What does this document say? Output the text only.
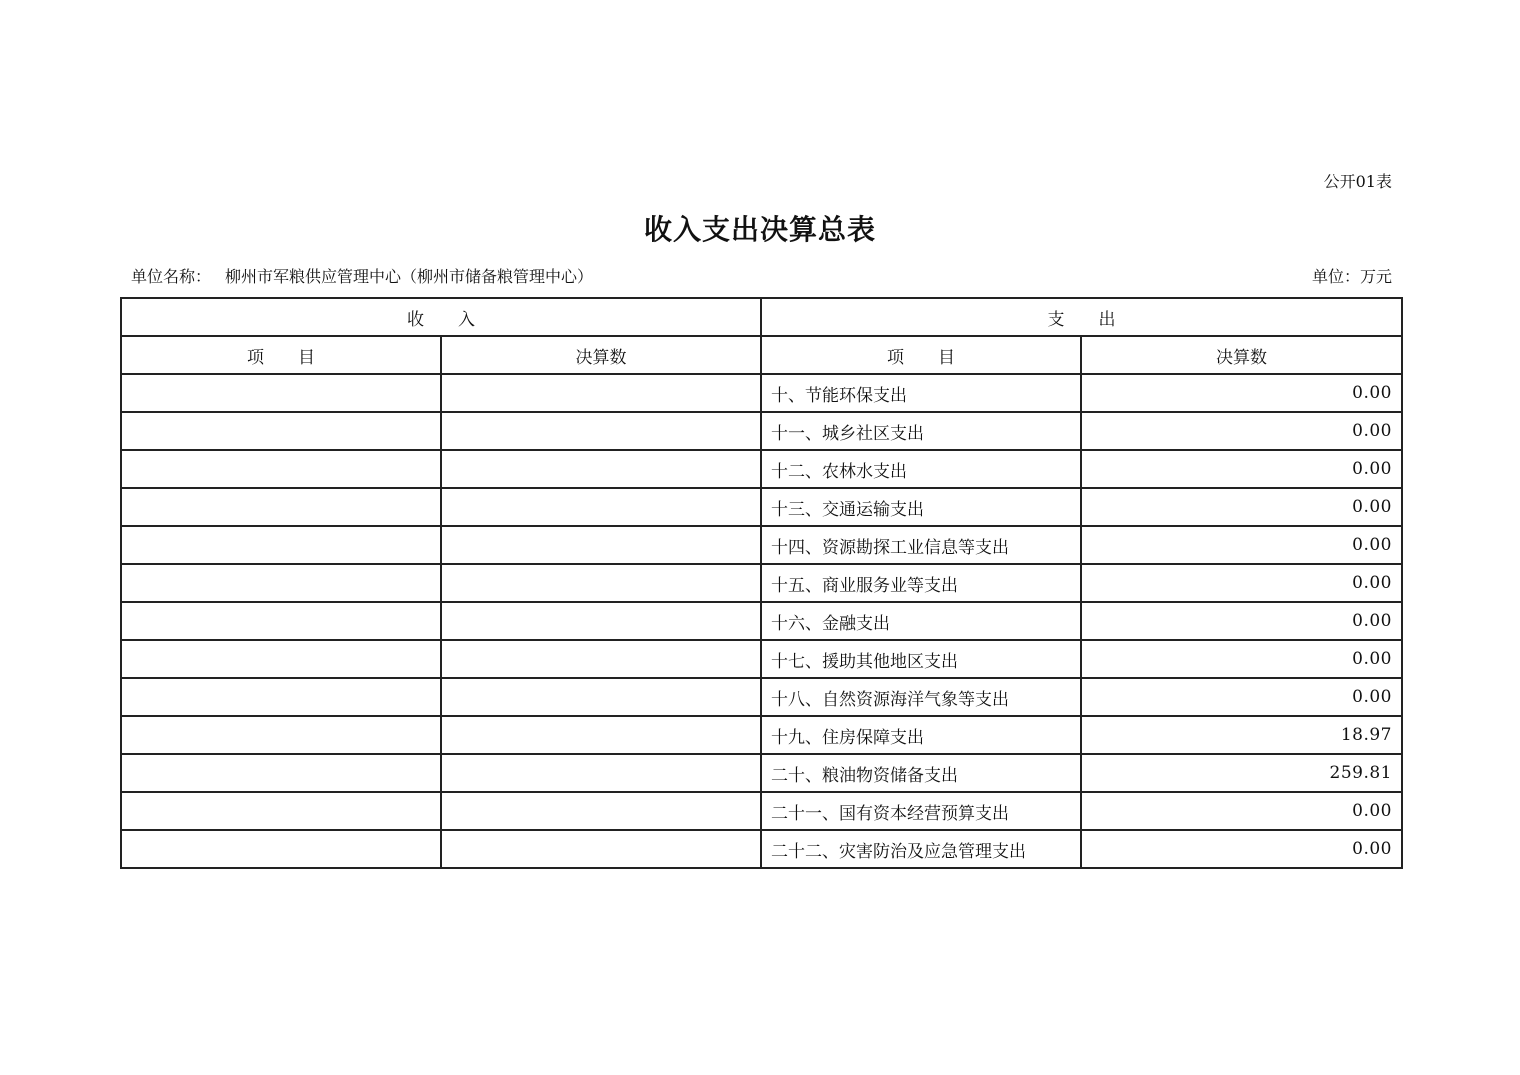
公开01表
收入支出决算总表
单位名称： 柳州市军粮供应管理中心（柳州市储备粮管理中心）	单位：万元
收　　入		支　　出	
项　　目	决算数	项　　目	决算数
		十、节能环保支出	0.00
		十一、城乡社区支出	0.00
		十二、农林水支出	0.00
		十三、交通运输支出	0.00
		十四、资源勘探工业信息等支出	0.00
		十五、商业服务业等支出	0.00
		十六、金融支出	0.00
		十七、援助其他地区支出	0.00
		十八、自然资源海洋气象等支出	0.00
		十九、住房保障支出	18.97
		二十、粮油物资储备支出	259.81
		二十一、国有资本经营预算支出	0.00
		二十二、灾害防治及应急管理支出	0.00
